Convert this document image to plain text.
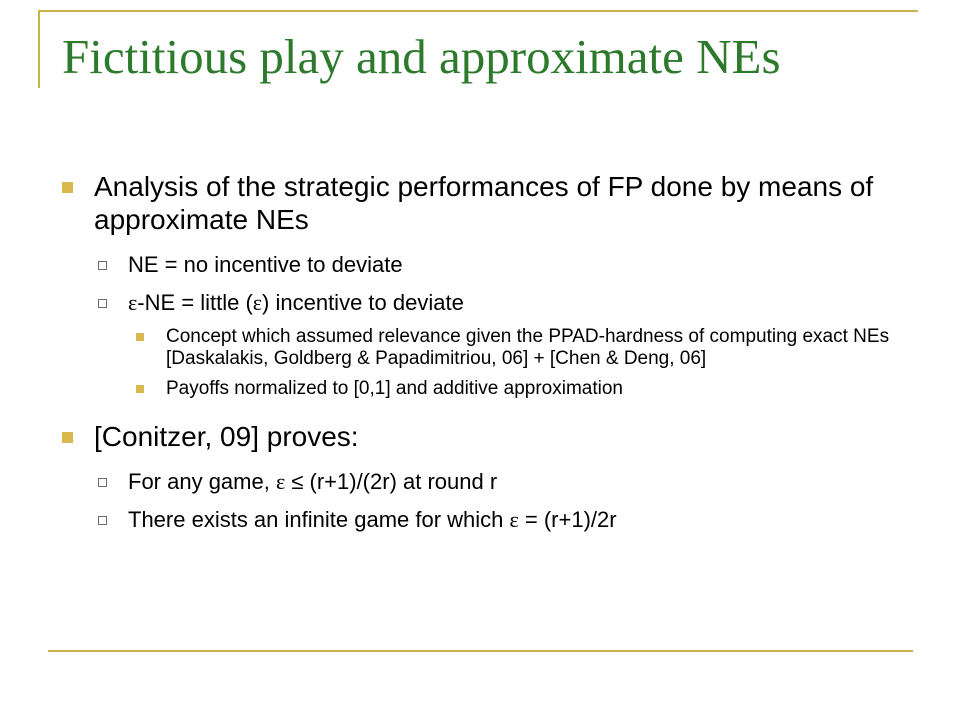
Fictitious play and approximate NEs
Analysis of the strategic performances of FP done by means of approximate NEs
NE = no incentive to deviate
ε-NE = little (ε) incentive to deviate
Concept which assumed relevance given the PPAD-hardness of computing exact NEs [Daskalakis, Goldberg & Papadimitriou, 06] + [Chen & Deng, 06]
Payoffs normalized to [0,1] and additive approximation
[Conitzer, 09] proves:
For any game, ε ≤ (r+1)/(2r) at round r
There exists an infinite game for which ε = (r+1)/2r
